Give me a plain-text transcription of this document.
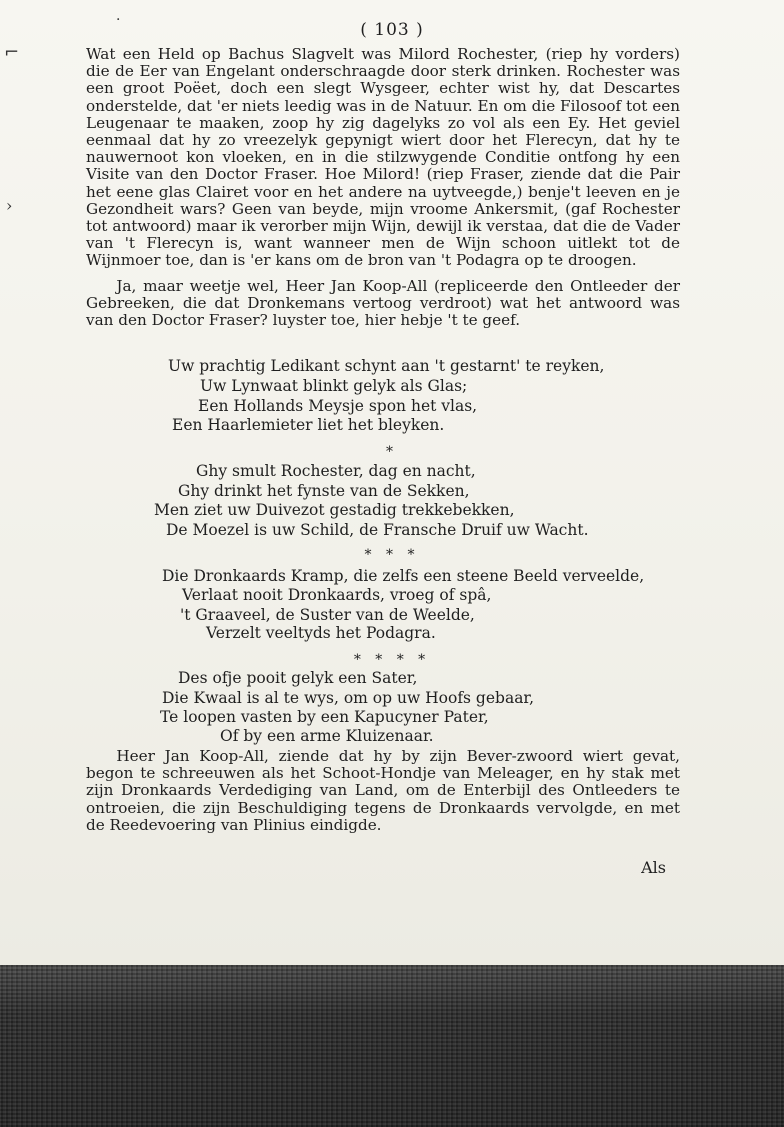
·
⌐
›
( 103 )

Wat een Held op Bachus Slagvelt was Milord Rochester, (riep hy vorders) die de Eer van Engelant onderschraagde door sterk drinken. Rochester was een groot Poëet, doch een slegt Wysgeer, echter wist hy, dat Descartes onderstelde, dat 'er niets leedig was in de Natuur. En om die Filosoof tot een Leugenaar te maaken, zoop hy zig dagelyks zo vol als een Ey. Het geviel eenmaal dat hy zo vreezelyk gepynigt wiert door het Flerecyn, dat hy te nauwernoot kon vloeken, en in die stilzwygende Conditie ontfong hy een Visite van den Doctor Fraser. Hoe Milord! (riep Fraser, ziende dat die Pair het eene glas Clairet voor en het andere na uytveegde,) benje't leeven en je Gezondheit wars? Geen van beyde, mijn vroome Ankersmit, (gaf Rochester tot antwoord) maar ik verorber mijn Wijn, dewijl ik verstaa, dat die de Vader van 't Flerecyn is, want wanneer men de Wijn schoon uitlekt tot de Wijnmoer toe, dan is 'er kans om de bron van 't Podagra op te droogen.

Ja, maar weetje wel, Heer Jan Koop-All (repliceerde den Ontleeder der Gebreeken, die dat Dronkemans vertoog verdroot) wat het antwoord was van den Doctor Fraser? luyster toe, hier hebje 't te geef.

Uw prachtig Ledikant schynt aan 't gestarnt' te reyken,
Uw Lynwaat blinkt gelyk als Glas;
Een Hollands Meysje spon het vlas,
Een Haarlemieter liet het bleyken.
*
Ghy smult Rochester, dag en nacht,
Ghy drinkt het fynste van de Sekken,
Men ziet uw Duivezot gestadig trekkebekken,
De Moezel is uw Schild, de Fransche Druif uw Wacht.
* * *
Die Dronkaards Kramp, die zelfs een steene Beeld verveelde,
Verlaat nooit Dronkaards, vroeg of spâ,
't Graaveel, de Suster van de Weelde,
Verzelt veeltyds het Podagra.
* * * *
Des ofje pooit gelyk een Sater,
Die Kwaal is al te wys, om op uw Hoofs gebaar,
Te loopen vasten by een Kapucyner Pater,
Of by een arme Kluizenaar.

Heer Jan Koop-All, ziende dat hy by zijn Bever-zwoord wiert gevat, begon te schreeuwen als het Schoot-Hondje van Meleager, en hy stak met zijn Dronkaards Verdediging van Land, om de Enterbijl des Ontleeders te ontroeien, die zijn Beschuldiging tegens de Dronkaards vervolgde, en met de Reedevoering van Plinius eindigde.

Als
